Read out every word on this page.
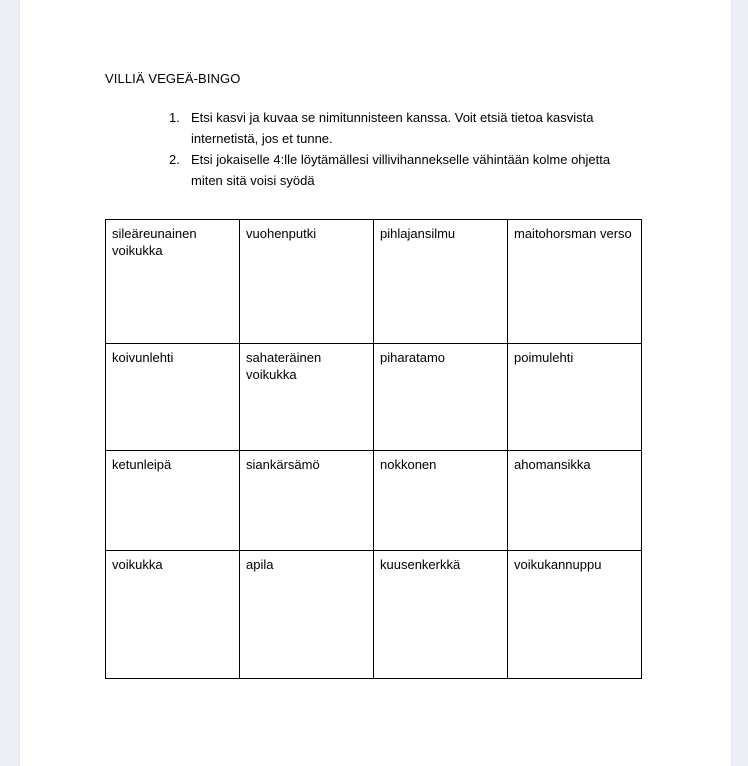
VILLIÄ VEGEÄ-BINGO
1. Etsi kasvi ja kuvaa se nimitunnisteen kanssa. Voit etsiä tietoa kasvista
internetistä, jos et tunne.
2. Etsi jokaiselle 4:lle löytämällesi villivihannekselle vähintään kolme ohjetta
miten sitä voisi syödä
sileäreunainen voikukka	vuohenputki	pihlajansilmu	maitohorsman verso
koivunlehti	sahateräinen voikukka	piharatamo	poimulehti
ketunleipä	siankärsämö	nokkonen	ahomansikka
voikukka	apila	kuusenkerkkä	voikukannuppu
